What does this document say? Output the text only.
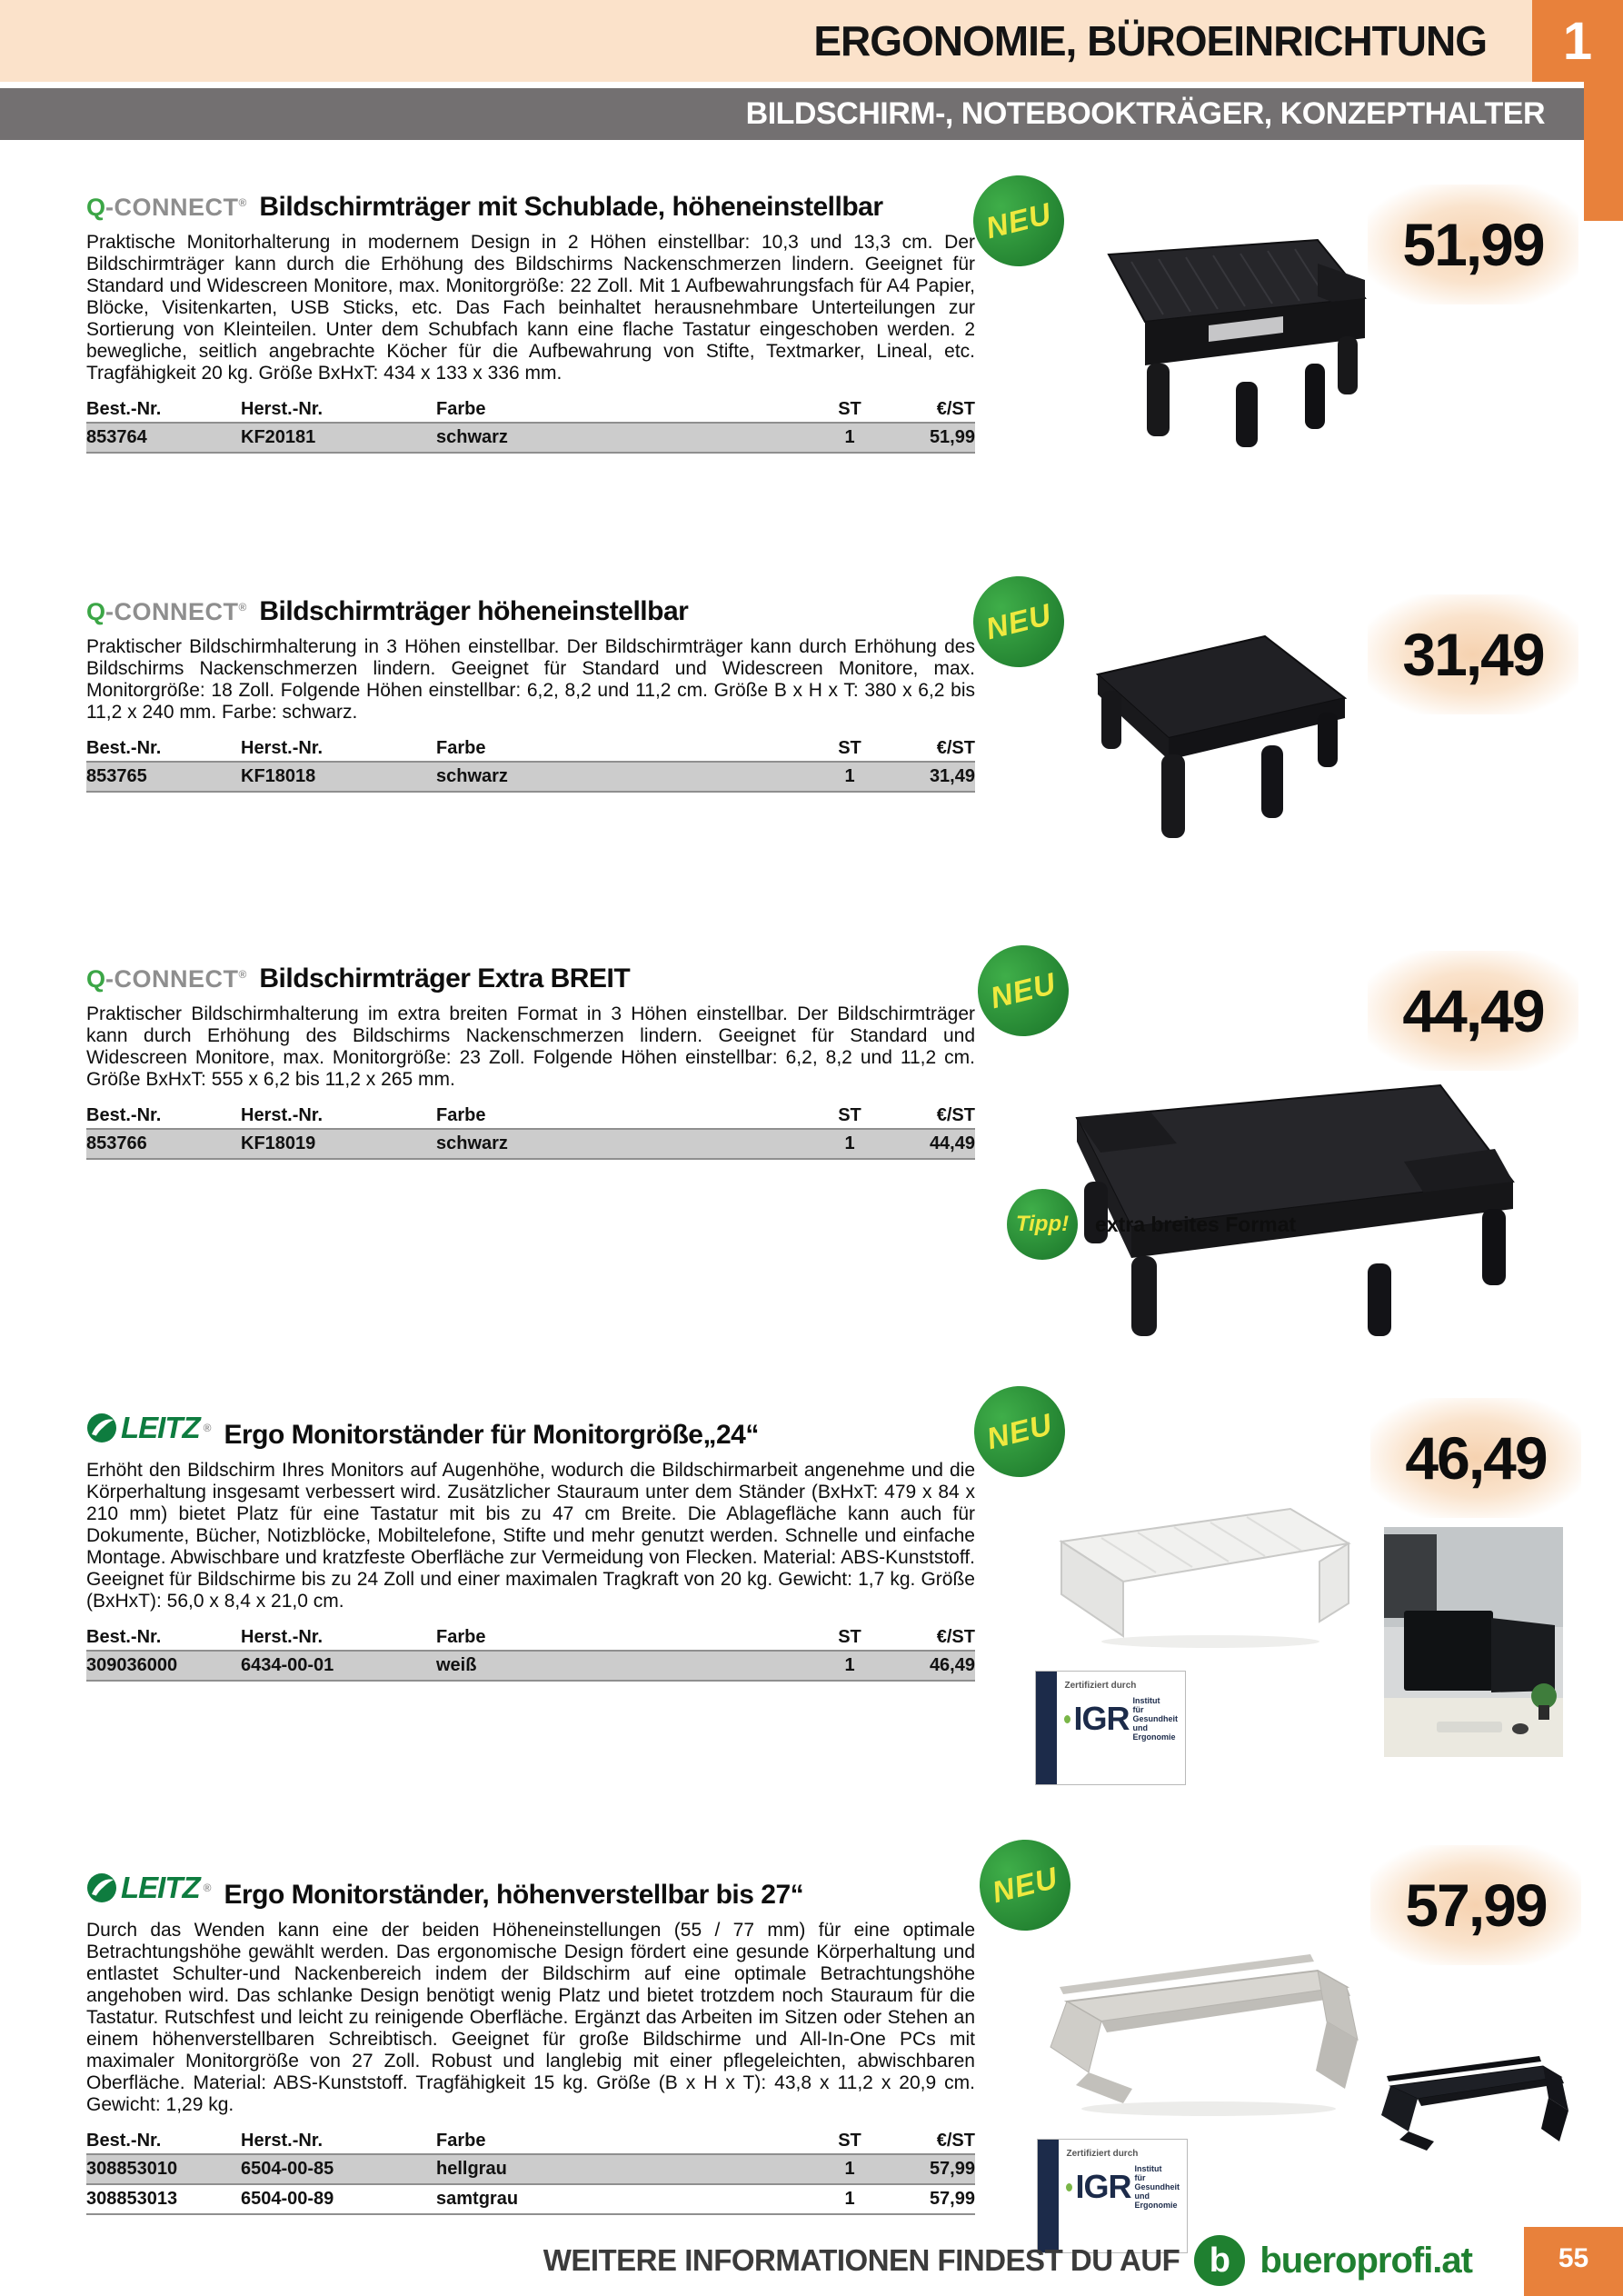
ERGONOMIE, BÜROEINRICHTUNG 1
BILDSCHIRM-, NOTEBOOKTRÄGER, KONZEPTHALTER
Q-CONNECT® Bildschirmträger mit Schublade, höheneinstellbar

Praktische Monitorhalterung in modernem Design in 2 Höhen einstellbar: 10,3 und 13,3 cm. Der Bildschirmträger kann durch die Erhöhung des Bildschirms Nackenschmerzen lindern. Geeignet für Standard und Widescreen Monitore, max. Monitorgröße: 22 Zoll. Mit 1 Aufbewahrungsfach für A4 Papier, Blöcke, Visitenkarten, USB Sticks, etc. Das Fach beinhaltet herausnehmbare Unterteilungen zur Sortierung von Kleinteilen. Unter dem Schubfach kann eine flache Tastatur eingeschoben werden. 2 bewegliche, seitlich angebrachte Köcher für die Aufbewahrung von Stifte, Textmarker, Lineal, etc. Tragfähigkeit 20 kg. Größe BxHxT: 434 x 133 x 336 mm.

Best.-Nr.	Herst.-Nr.	Farbe	ST	€/ST
853764	KF20181	schwarz	1	51,99
NEU	51,99
Q-CONNECT® Bildschirmträger höheneinstellbar

Praktischer Bildschirmhalterung in 3 Höhen einstellbar. Der Bildschirmträger kann durch Erhöhung des Bildschirms Nackenschmerzen lindern. Geeignet für Standard und Widescreen Monitore, max. Monitorgröße: 18 Zoll. Folgende Höhen einstellbar: 6,2, 8,2 und 11,2 cm. Größe B x H x T: 380 x 6,2 bis 11,2 x 240 mm. Farbe: schwarz.

Best.-Nr.	Herst.-Nr.	Farbe	ST	€/ST
853765	KF18018	schwarz	1	31,49
NEU	31,49
Q-CONNECT® Bildschirmträger Extra BREIT

Praktischer Bildschirmhalterung im extra breiten Format in 3 Höhen einstellbar. Der Bildschirmträger kann durch Erhöhung des Bildschirms Nackenschmerzen lindern. Geeignet für Standard und Widescreen Monitore, max. Monitorgröße: 23 Zoll. Folgende Höhen einstellbar: 6,2, 8,2 und 11,2 cm. Größe BxHxT: 555 x 6,2 bis 11,2 x 265 mm.

Best.-Nr.	Herst.-Nr.	Farbe	ST	€/ST
853766	KF18019	schwarz	1	44,49
NEU	44,49
Tipp! extra breites Format
LEITZ ® Ergo Monitorständer für Monitorgröße„24“

Erhöht den Bildschirm Ihres Monitors auf Augenhöhe, wodurch die Bildschirmarbeit angenehme und die Körperhaltung insgesamt verbessert wird. Zusätzlicher Stauraum unter dem Ständer (BxHxT: 479 x 84 x 210 mm) bietet Platz für eine Tastatur mit bis zu 47 cm Breite. Die Ablagefläche kann auch für Dokumente, Bücher, Notizblöcke, Mobiltelefone, Stifte und mehr genutzt werden. Schnelle und einfache Montage. Abwischbare und kratzfeste Oberfläche zur Vermeidung von Flecken. Material: ABS-Kunststoff. Geeignet für Bildschirme bis zu 24 Zoll und einer maximalen Tragkraft von 20 kg. Gewicht: 1,7 kg. Größe (BxHxT): 56,0 x 8,4 x 21,0 cm.

Best.-Nr.	Herst.-Nr.	Farbe	ST	€/ST
309036000	6434-00-01	weiß	1	46,49
NEU	46,49
Zertifiziert durch
IGR Institut
für Gesundheit
und Ergonomie
LEITZ ® Ergo Monitorständer, höhenverstellbar bis 27“

Durch das Wenden kann eine der beiden Höheneinstellungen (55 / 77 mm) für eine optimale Betrachtungshöhe gewählt werden. Das ergonomische Design fördert eine gesunde Körperhaltung und entlastet Schulter-und Nackenbereich indem der Bildschirm auf eine optimale Betrachtungshöhe angehoben wird. Das schlanke Design benötigt wenig Platz und bietet trotzdem noch Stauraum für die Tastatur. Rutschfest und leicht zu reinigende Oberfläche. Ergänzt das Arbeiten im Sitzen oder Stehen an einem höhenverstellbaren Schreibtisch. Geeignet für große Bildschirme und All-In-One PCs mit maximaler Monitorgröße von 27 Zoll. Robust und langlebig mit einer pflegeleichten, abwischbaren Oberfläche. Material: ABS-Kunststoff. Tragfähigkeit 15 kg. Größe (B x H x T): 43,8 x 11,2 x 20,9 cm. Gewicht: 1,29 kg.

Best.-Nr.	Herst.-Nr.	Farbe	ST	€/ST
308853010	6504-00-85	hellgrau	1	57,99
308853013	6504-00-89	samtgrau	1	57,99
NEU	57,99
Zertifiziert durch
IGR Institut
für Gesundheit
und Ergonomie
WEITERE INFORMATIONEN FINDEST DU AUF b bueroprofi.at	55
